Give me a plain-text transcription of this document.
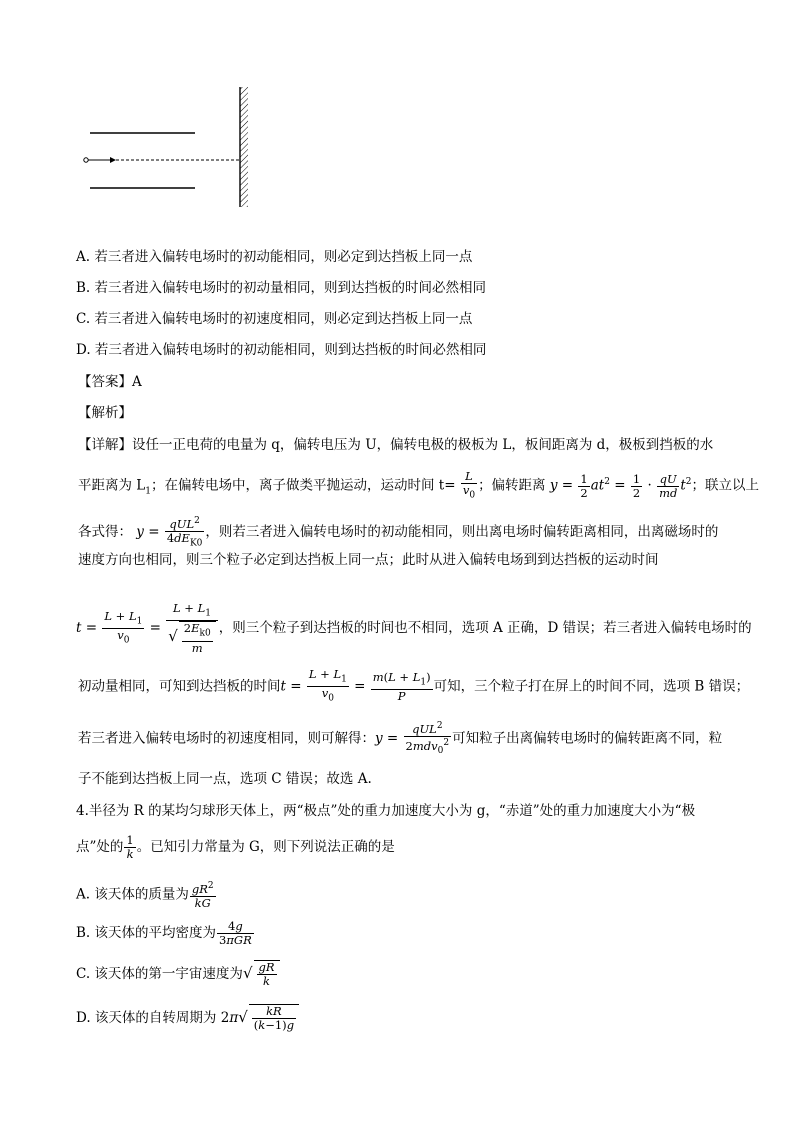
A. 若三者进入偏转电场时的初动能相同，则必定到达挡板上同一点
B. 若三者进入偏转电场时的初动量相同，则到达挡板的时间必然相同
C. 若三者进入偏转电场时的初速度相同，则必定到达挡板上同一点
D. 若三者进入偏转电场时的初动能相同，则到达挡板的时间必然相同
【答案】A
【解析】
【详解】设任一正电荷的电量为 q，偏转电压为 U，偏转电极的极板为 L，板间距离为 d，极板到挡板的水
平距离为 $L_1$；在偏转电场中，离子做类平抛运动，运动时间 $t= \frac{L}{v_0}$ ；偏转距离 $y = \frac{1}{2} at^2 = \frac{1}{2} \cdot \frac{qU}{md} t^2$；联立以上
各式得： $y = \frac{qUL^2}{4dE_{K0}}$ ，则若三者进入偏转电场时的初动能相同，则出离电场时偏转距离相同，出离磁场时的
速度方向也相同，则三个粒子必定到达挡板上同一点；此时从进入偏转电场到到达挡板的运动时间
$t = \frac{L + L_1}{v_0} = \frac{L + L_1}{√ \frac{2E_{k0}}{m}}$ ，则三个粒子到达挡板的时间也不相同，选项 A 正确，D 错误；若三者进入偏转电场时的
初动量相同，可知到达挡板的时间$t = \frac{L + L_1}{v_0} = \frac{m(L + L_1)}{P}$ 可知，三个粒子打在屏上的时间不同，选项 B 错误；
若三者进入偏转电场时的初速度相同，则可解得：$y = \frac{qUL^2}{2mdv_0^2}$ 可知粒子出离偏转电场时的偏转距离不同，粒
子不能到达挡板上同一点，选项 C 错误；故选 A.
4.半径为 R 的某均匀球形天体上，两“极点”处的重力加速度大小为 g，“赤道”处的重力加速度大小为“极
点”处的 $\frac{1}{k}$ 。已知引力常量为 G，则下列说法正确的是
A. 该天体的质量为 $\frac{gR^2}{kG}$
B. 该天体的平均密度为 $\frac{4g}{\text{3πGR}}$
C. 该天体的第一宇宙速度为√ $\frac{gR}{k}$
D. 该天体的自转周期为 $2\pi√ \frac{kR}{(k-1)g}$
